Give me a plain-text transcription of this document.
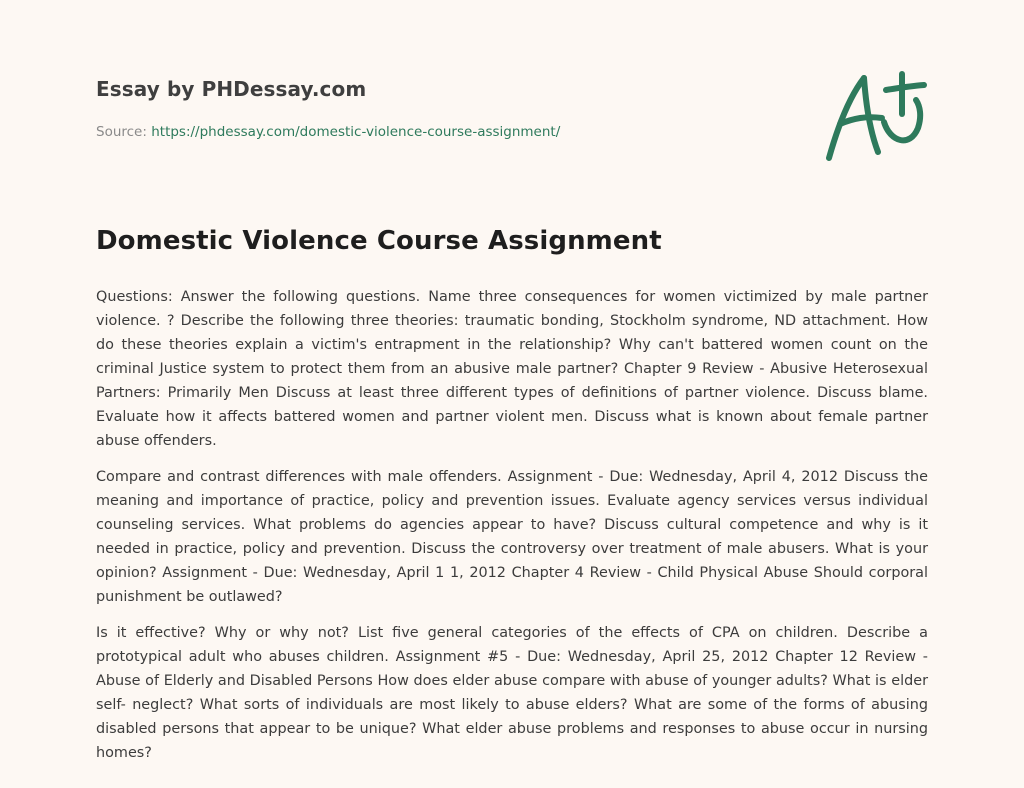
Essay by PHDessay.com
Source: https://phdessay.com/domestic-violence-course-assignment/
Domestic Violence Course Assignment

Questions: Answer the following questions. Name three consequences for women victimized by male partner violence. ? Describe the following three theories: traumatic bonding, Stockholm syndrome, ND attachment. How do these theories explain a victim's entrapment in the relationship? Why can't battered women count on the criminal Justice system to protect them from an abusive male partner? Chapter 9 Review - Abusive Heterosexual Partners: Primarily Men Discuss at least three different types of definitions of partner violence. Discuss blame. Evaluate how it affects battered women and partner violent men. Discuss what is known about female partner abuse offenders.

Compare and contrast differences with male offenders. Assignment - Due: Wednesday, April 4, 2012 Discuss the meaning and importance of practice, policy and prevention issues. Evaluate agency services versus individual counseling services. What problems do agencies appear to have? Discuss cultural competence and why is it needed in practice, policy and prevention. Discuss the controversy over treatment of male abusers. What is your opinion? Assignment - Due: Wednesday, April 1 1, 2012 Chapter 4 Review - Child Physical Abuse Should corporal punishment be outlawed?

Is it effective? Why or why not? List five general categories of the effects of CPA on children. Describe a prototypical adult who abuses children. Assignment #5 - Due: Wednesday, April 25, 2012 Chapter 12 Review - Abuse of Elderly and Disabled Persons How does elder abuse compare with abuse of younger adults? What is elder self- neglect? What sorts of individuals are most likely to abuse elders? What are some of the forms of abusing disabled persons that appear to be unique? What elder abuse problems and responses to abuse occur in nursing homes?
